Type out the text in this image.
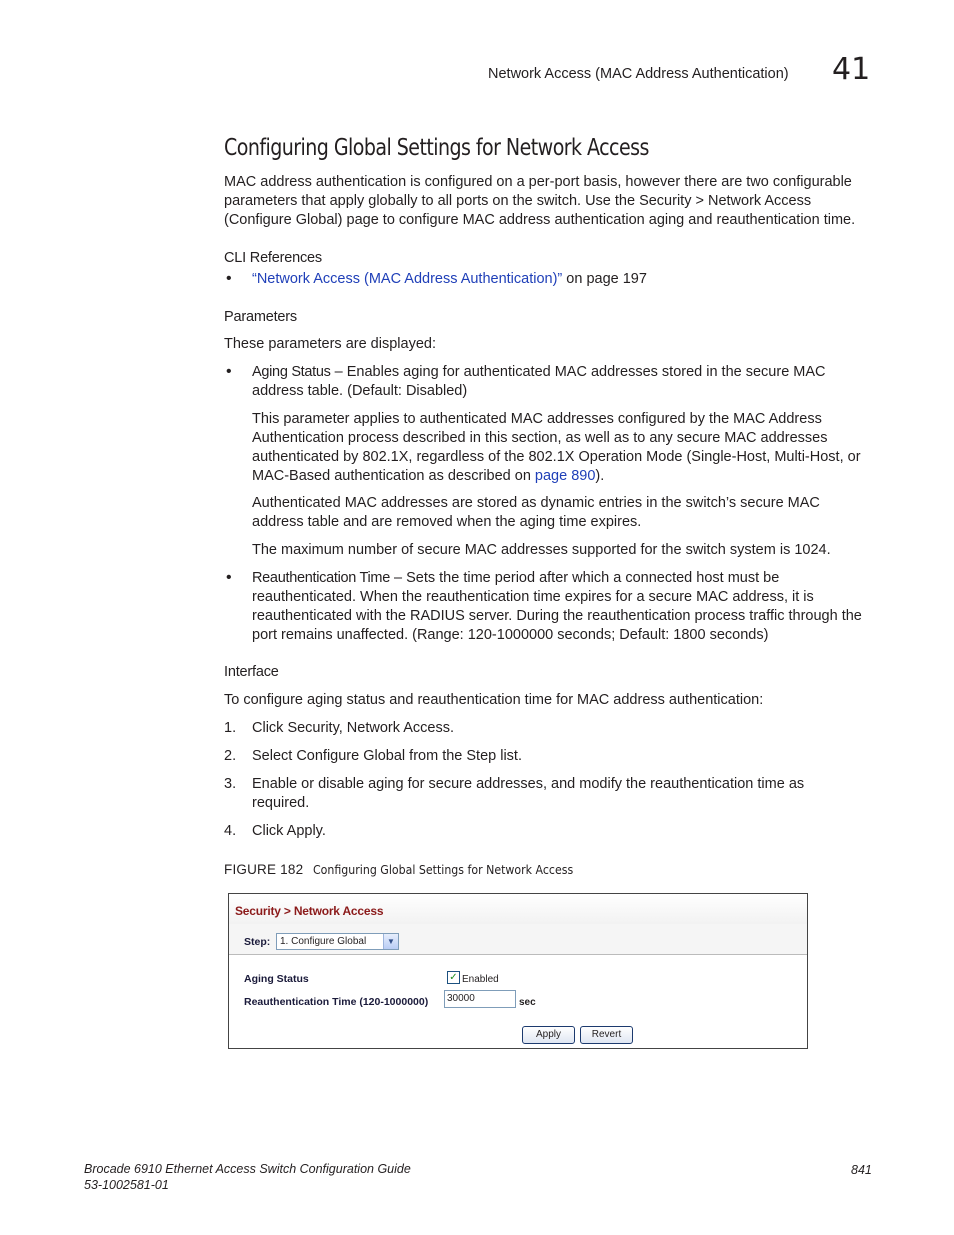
Network Access (MAC Address Authentication) 41
Configuring Global Settings for Network Access
MAC address authentication is configured on a per-port basis, however there are two configurable parameters that apply globally to all ports on the switch. Use the Security > Network Access (Configure Global) page to configure MAC address authentication aging and reauthentication time.
CLI References
• “Network Access (MAC Address Authentication)” on page 197
Parameters
These parameters are displayed:
• Aging Status – Enables aging for authenticated MAC addresses stored in the secure MAC address table. (Default: Disabled)
This parameter applies to authenticated MAC addresses configured by the MAC Address Authentication process described in this section, as well as to any secure MAC addresses authenticated by 802.1X, regardless of the 802.1X Operation Mode (Single-Host, Multi-Host, or MAC-Based authentication as described on page 890).
Authenticated MAC addresses are stored as dynamic entries in the switch’s secure MAC address table and are removed when the aging time expires.
The maximum number of secure MAC addresses supported for the switch system is 1024.
• Reauthentication Time – Sets the time period after which a connected host must be reauthenticated. When the reauthentication time expires for a secure MAC address, it is reauthenticated with the RADIUS server. During the reauthentication process traffic through the port remains unaffected. (Range: 120-1000000 seconds; Default: 1800 seconds)
Interface
To configure aging status and reauthentication time for MAC address authentication:
1. Click Security, Network Access.
2. Select Configure Global from the Step list.
3. Enable or disable aging for secure addresses, and modify the reauthentication time as required.
4. Click Apply.
FIGURE 182 Configuring Global Settings for Network Access
Security > Network Access
Step: 1. Configure Global	▼
Aging Status	✓ Enabled
Reauthentication Time (120-1000000)	30000	sec
Apply	Revert
Brocade 6910 Ethernet Access Switch Configuration Guide
53-1002581-01
841
